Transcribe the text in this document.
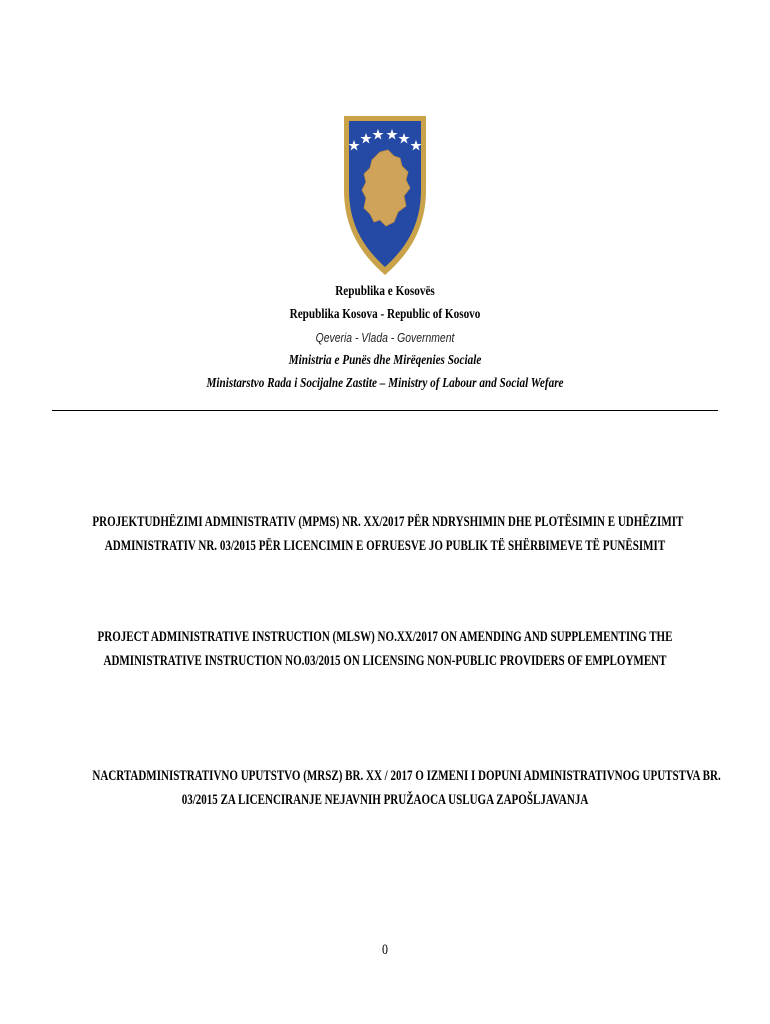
Republika e Kosovës
Republika Kosova - Republic of Kosovo
Qeveria - Vlada - Government
Ministria e Punës dhe Mirëqenies Sociale
Ministarstvo Rada i Socijalne Zastite – Ministry of Labour and Social Wefare
PROJEKTUDHËZIMI ADMINISTRATIV (MPMS) NR. XX/2017 PËR NDRYSHIMIN DHE PLOTËSIMIN E UDHËZIMIT
ADMINISTRATIV NR. 03/2015 PËR LICENCIMIN E OFRUESVE JO PUBLIK TË SHËRBIMEVE TË PUNËSIMIT
PROJECT ADMINISTRATIVE INSTRUCTION (MLSW) NO.XX/2017 ON AMENDING AND SUPPLEMENTING THE
ADMINISTRATIVE INSTRUCTION NO.03/2015 ON LICENSING NON-PUBLIC PROVIDERS OF EMPLOYMENT
NACRTADMINISTRATIVNO UPUTSTVO (MRSZ) BR. XX / 2017 O IZMENI I DOPUNI ADMINISTRATIVNOG UPUTSTVA BR.
03/2015 ZA LICENCIRANJE NEJAVNIH PRUŽAOCA USLUGA ZAPOŠLJAVANJA
0
